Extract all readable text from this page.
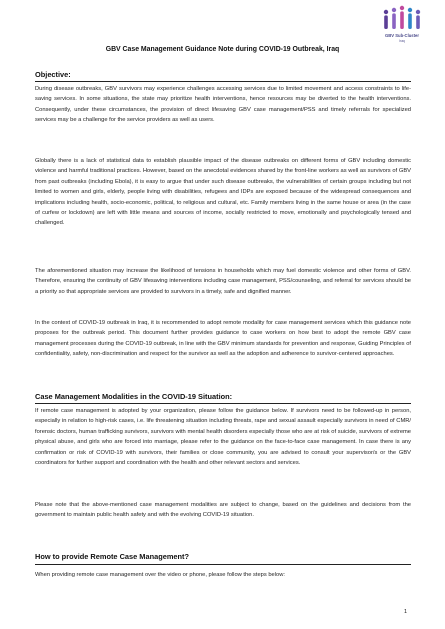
GBV Sub-Cluster
Iraq
GBV Case Management Guidance Note during COVID-19 Outbreak, Iraq
Objective:

During disease outbreaks, GBV survivors may experience challenges accessing services due to limited movement and access constraints to life-saving services. In some situations, the state may prioritize health interventions, hence resources may be diverted to the health interventions. Consequently, under these circumstances, the provision of direct lifesaving GBV case management/PSS and timely referrals for specialized services may be a challenge for the service providers as well as users.

Globally there is a lack of statistical data to establish plausible impact of the disease outbreaks on different forms of GBV including domestic violence and harmful traditional practices. However, based on the anecdotal evidences shared by the front-line workers as well as survivors of GBV from past outbreaks (including Ebola), it is easy to argue that under such disease outbreaks, the vulnerabilities of certain groups including but not limited to women and girls, elderly, people living with disabilities, refugees and IDPs are exposed because of the widespread consequences and implications including health, socio-economic, political, to religious and cultural, etc. Family members living in the same house or area (in the case of curfew or lockdown) are left with little means and sources of income, socially restricted to move, emotionally and psychologically tensed and challenged.

The aforementioned situation may increase the likelihood of tensions in households which may fuel domestic violence and other forms of GBV. Therefore, ensuring the continuity of GBV lifesaving interventions including case management, PSS/counseling, and referral for services should be a priority so that appropriate services are provided to survivors in a timely, safe and dignified manner.

In the context of COVID-19 outbreak in Iraq, it is recommended to adopt remote modality for case management services which this guidance note proposes for the outbreak period. This document further provides guidance to case workers on how best to adopt the remote GBV case management processes during the COVID-19 outbreak, in line with the GBV minimum standards for prevention and response, Guiding Principles of confidentiality, safety, non-discrimination and respect for the survivor as well as the adoption and adherence to survivor-centered approaches.

Case Management Modalities in the COVID-19 Situation:

If remote case management is adopted by your organization, please follow the guidance below. If survivors need to be followed-up in person, especially in relation to high-risk cases, i.e. life threatening situation including threats, rape and sexual assault especially survivors in need of CMR/ forensic doctors, human trafficking survivors, survivors with mental health disorders especially those who are at risk of suicide, survivors of extreme physical abuse, and girls who are forced into marriage, please refer to the guidance on the face-to-face case management. In case there is any confirmation or risk of COVID-19 with survivors, their families or close community, you are advised to consult your supervisor/s or the GBV coordinators for further support and coordination with the health and other relevant sectors and services.

Please note that the above-mentioned case management modalities are subject to change, based on the guidelines and decisions from the government to maintain public health safety and with the evolving COVID-19 situation.

How to provide Remote Case Management?

When providing remote case management over the video or phone, please follow the steps below:

1
